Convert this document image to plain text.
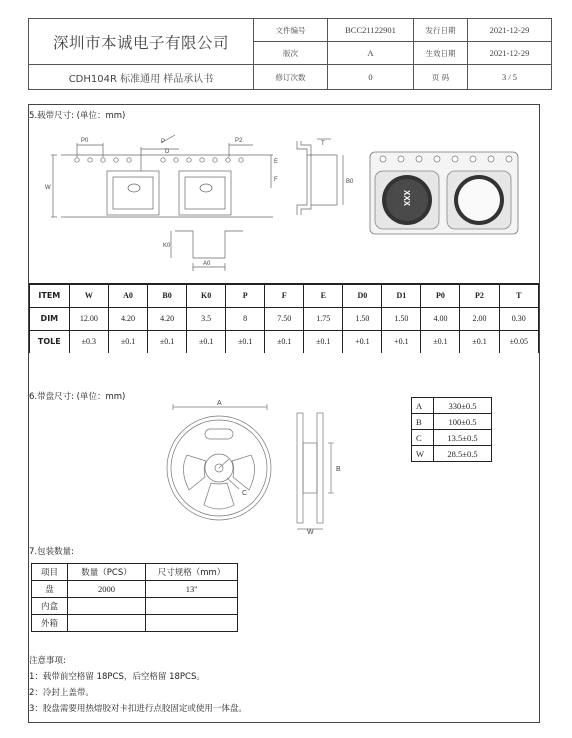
深圳市本诚电子有限公司
CDH104R 标准通用 样品承认书
文件编号	BCC21122901	发行日期	2021-12-29
版次	A	生效日期	2021-12-29
修订次数	0	页 码	3 / 5
5.载带尺寸: (单位：mm)
P0	P	P2
D
E
F
W
K0
A0
T
B0
XXX
ITEM	W	A0	B0	K0	P	F	E	D0	D1	P0	P2	T
DIM	12.00	4.20	4.20	3.5	8	7.50	1.75	1.50	1.50	4.00	2.00	0.30
TOLE	±0.3	±0.1	±0.1	±0.1	±0.1	±0.1	±0.1	+0.1	+0.1	±0.1	±0.1	±0.05
6.带盘尺寸: (单位：mm)
A
B
C
W
A	330±0.5
B	100±0.5
C	13.5±0.5
W	28.5±0.5
7.包装数量:
项目	数量（PCS）	尺寸规格（mm）
盘	2000	13''
内盒		
外箱		
注意事项:
1：载带前空格留 18PCS，后空格留 18PCS。
2：冷封上盖带。
3：胶盘需要用热熔胶对卡扣进行点胶固定或使用一体盘。
